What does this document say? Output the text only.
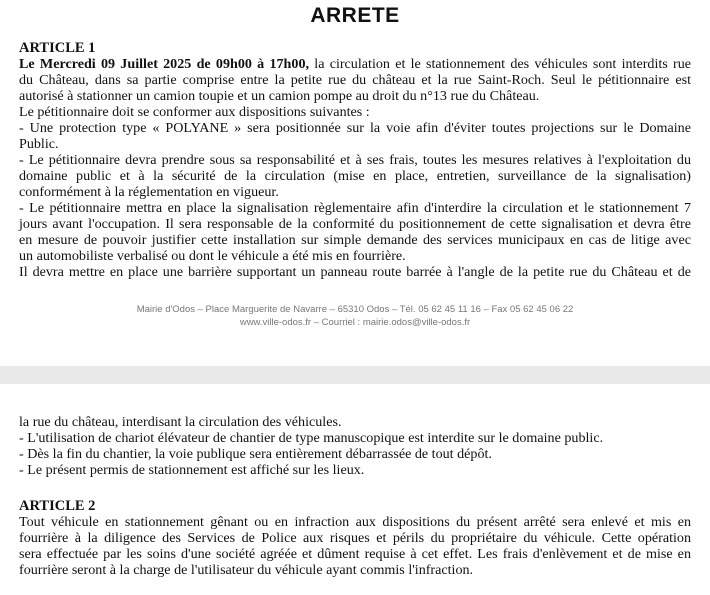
ARRETE
ARTICLE 1
Le Mercredi 09 Juillet 2025 de 09h00 à 17h00, la circulation et le stationnement des véhicules sont interdits rue
du Château, dans sa partie comprise entre la petite rue du château et la rue Saint-Roch. Seul le pétitionnaire est
autorisé à stationner un camion toupie et un camion pompe au droit du n°13 rue du Château.
Le pétitionnaire doit se conformer aux dispositions suivantes :
- Une protection type « POLYANE » sera positionnée sur la voie afin d'éviter toutes projections sur le Domaine
Public.
- Le pétitionnaire devra prendre sous sa responsabilité et à ses frais, toutes les mesures relatives à l'exploitation du
domaine public et à la sécurité de la circulation (mise en place, entretien, surveillance de la signalisation)
conformément à la réglementation en vigueur.
- Le pétitionnaire mettra en place la signalisation règlementaire afin d'interdire la circulation et le stationnement 7
jours avant l'occupation. Il sera responsable de la conformité du positionnement de cette signalisation et devra être
en mesure de pouvoir justifier cette installation sur simple demande des services municipaux en cas de litige avec
un automobiliste verbalisé ou dont le véhicule a été mis en fourrière.
Il devra mettre en place une barrière supportant un panneau route barrée à l'angle de la petite rue du Château et de
Mairie d'Odos – Place Marguerite de Navarre – 65310 Odos – Tél. 05 62 45 11 16 – Fax 05 62 45 06 22
www.ville-odos.fr – Courriel : mairie.odos@ville-odos.fr
la rue du château, interdisant la circulation des véhicules.
- L'utilisation de chariot élévateur de chantier de type manuscopique est interdite sur le domaine public.
- Dès la fin du chantier, la voie publique sera entièrement débarrassée de tout dépôt.
- Le présent permis de stationnement est affiché sur les lieux.
ARTICLE 2
Tout véhicule en stationnement gênant ou en infraction aux dispositions du présent arrêté sera enlevé et mis en
fourrière à la diligence des Services de Police aux risques et périls du propriétaire du véhicule. Cette opération
sera effectuée par les soins d'une société agréée et dûment requise à cet effet. Les frais d'enlèvement et de mise en
fourrière seront à la charge de l'utilisateur du véhicule ayant commis l'infraction.
